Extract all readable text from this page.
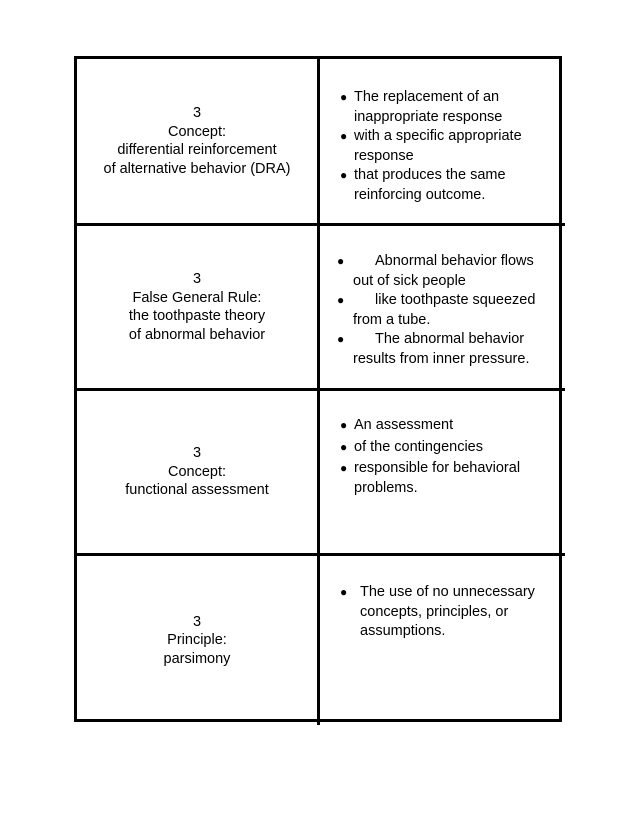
3
Concept:
differential reinforcement
of alternative behavior (DRA)
● The replacement of an
inappropriate response
● with a specific appropriate
response
● that produces the same
reinforcing outcome.
3
False General Rule:
the toothpaste theory
of abnormal behavior
● Abnormal behavior flows
out of sick people
● like toothpaste squeezed
from a tube.
● The abnormal behavior
results from inner pressure.
3
Concept:
functional assessment
● An assessment
● of the contingencies
● responsible for behavioral
problems.
3
Principle:
parsimony
● The use of no unnecessary
concepts, principles, or
assumptions.
